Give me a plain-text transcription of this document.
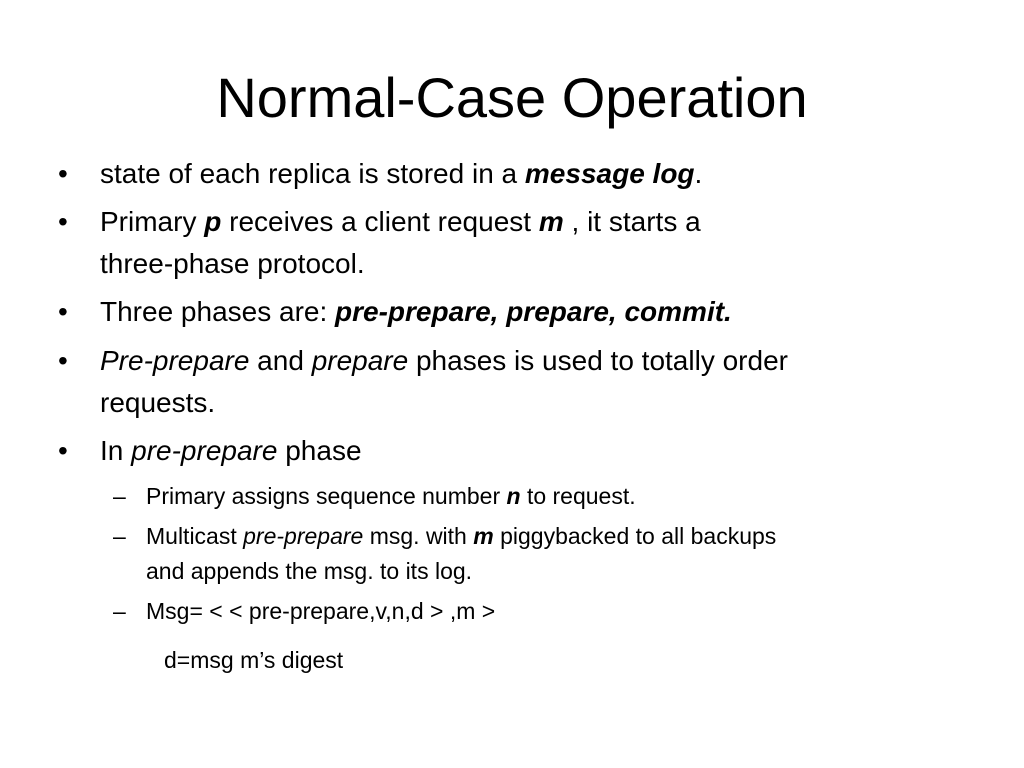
Normal-Case Operation
• state of each replica is stored in a message log.
• Primary p receives a client request m , it starts a
three-phase protocol.
• Three phases are: pre-prepare, prepare, commit.
• Pre-prepare and prepare phases is used to totally order
requests.
• In pre-prepare phase
– Primary assigns sequence number n to request.
– Multicast pre-prepare msg. with m piggybacked to all backups
and appends the msg. to its log.
– Msg= < < pre-prepare,v,n,d > ,m >
d=msg m’s digest
